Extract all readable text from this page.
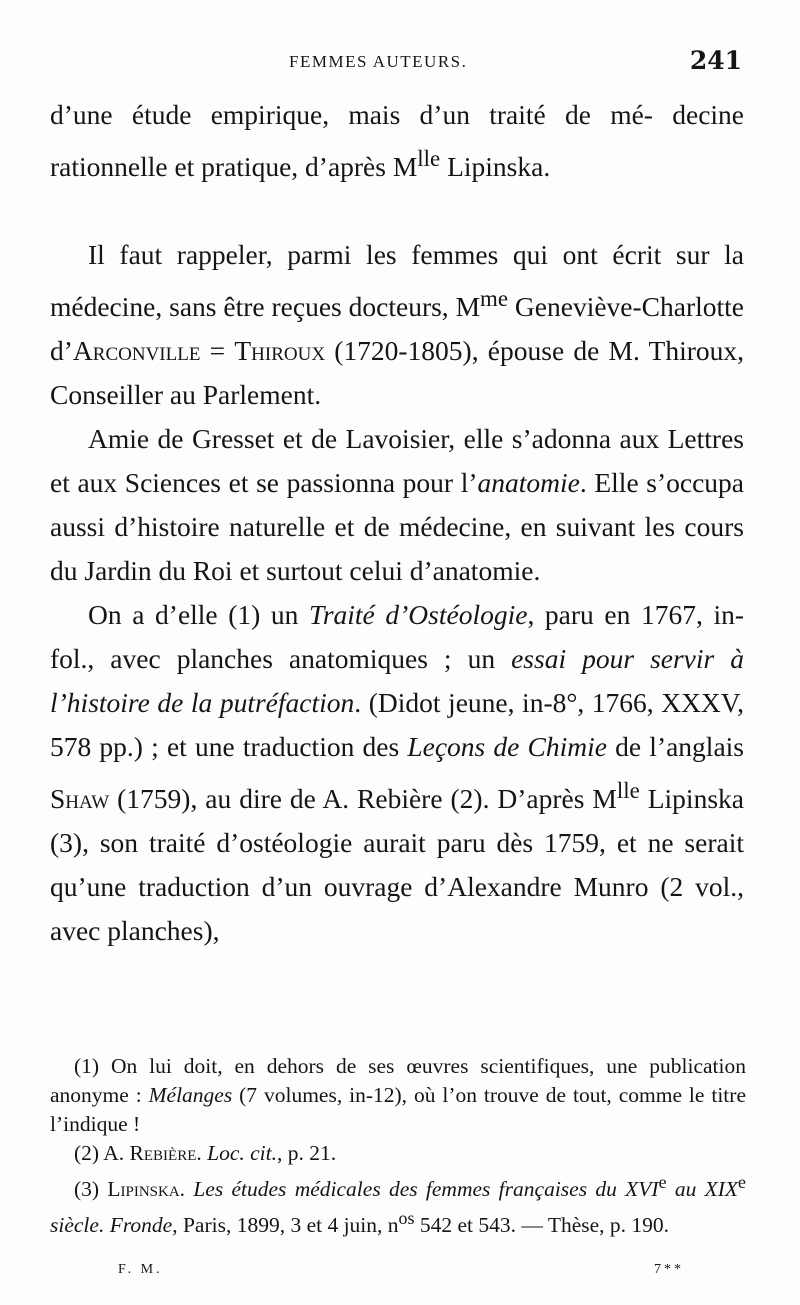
FEMMES AUTEURS.	241

d’une étude empirique, mais d’un traité de mé- decine rationnelle et pratique, d’après $M^{lle}$ Lipinska.

Il faut rappeler, parmi les femmes qui ont écrit sur la médecine, sans être reçues docteurs, $M^{me}$ Geneviève-Charlotte d’Arconville = Thiroux (1720-1805), épouse de M. Thiroux, Conseiller au Parlement.

Amie de Gresset et de Lavoisier, elle s’adonna aux Lettres et aux Sciences et se passionna pour l’anatomie. Elle s’occupa aussi d’histoire naturelle et de médecine, en suivant les cours du Jardin du Roi et surtout celui d’anatomie.

On a d’elle (1) un Traité d’Ostéologie, paru en 1767, in-fol., avec planches anatomiques ; un essai pour servir à l’histoire de la putréfaction. (Didot jeune, in-8°, 1766, XXXV, 578 pp.) ; et une traduction des Leçons de Chimie de l’anglais Shaw (1759), au dire de A. Rebière (2). D’après $M^{lle}$ Lipinska (3), son traité d’ostéologie aurait paru dès 1759, et ne serait qu’une traduction d’un ouvrage d’Alexandre Munro (2 vol., avec planches),

(1) On lui doit, en dehors de ses œuvres scientifiques, une publication anonyme : Mélanges (7 volumes, in-12), où l’on trouve de tout, comme le titre l’indique !

(2) A. Rebière. Loc. cit., p. 21.

(3) Lipinska. Les études médicales des femmes françaises du XVIe au XIXe siècle. Fronde, Paris, 1899, 3 et 4 juin, $n^{os}$ 542 et 543. — Thèse, p. 190.

F. M.	7**
